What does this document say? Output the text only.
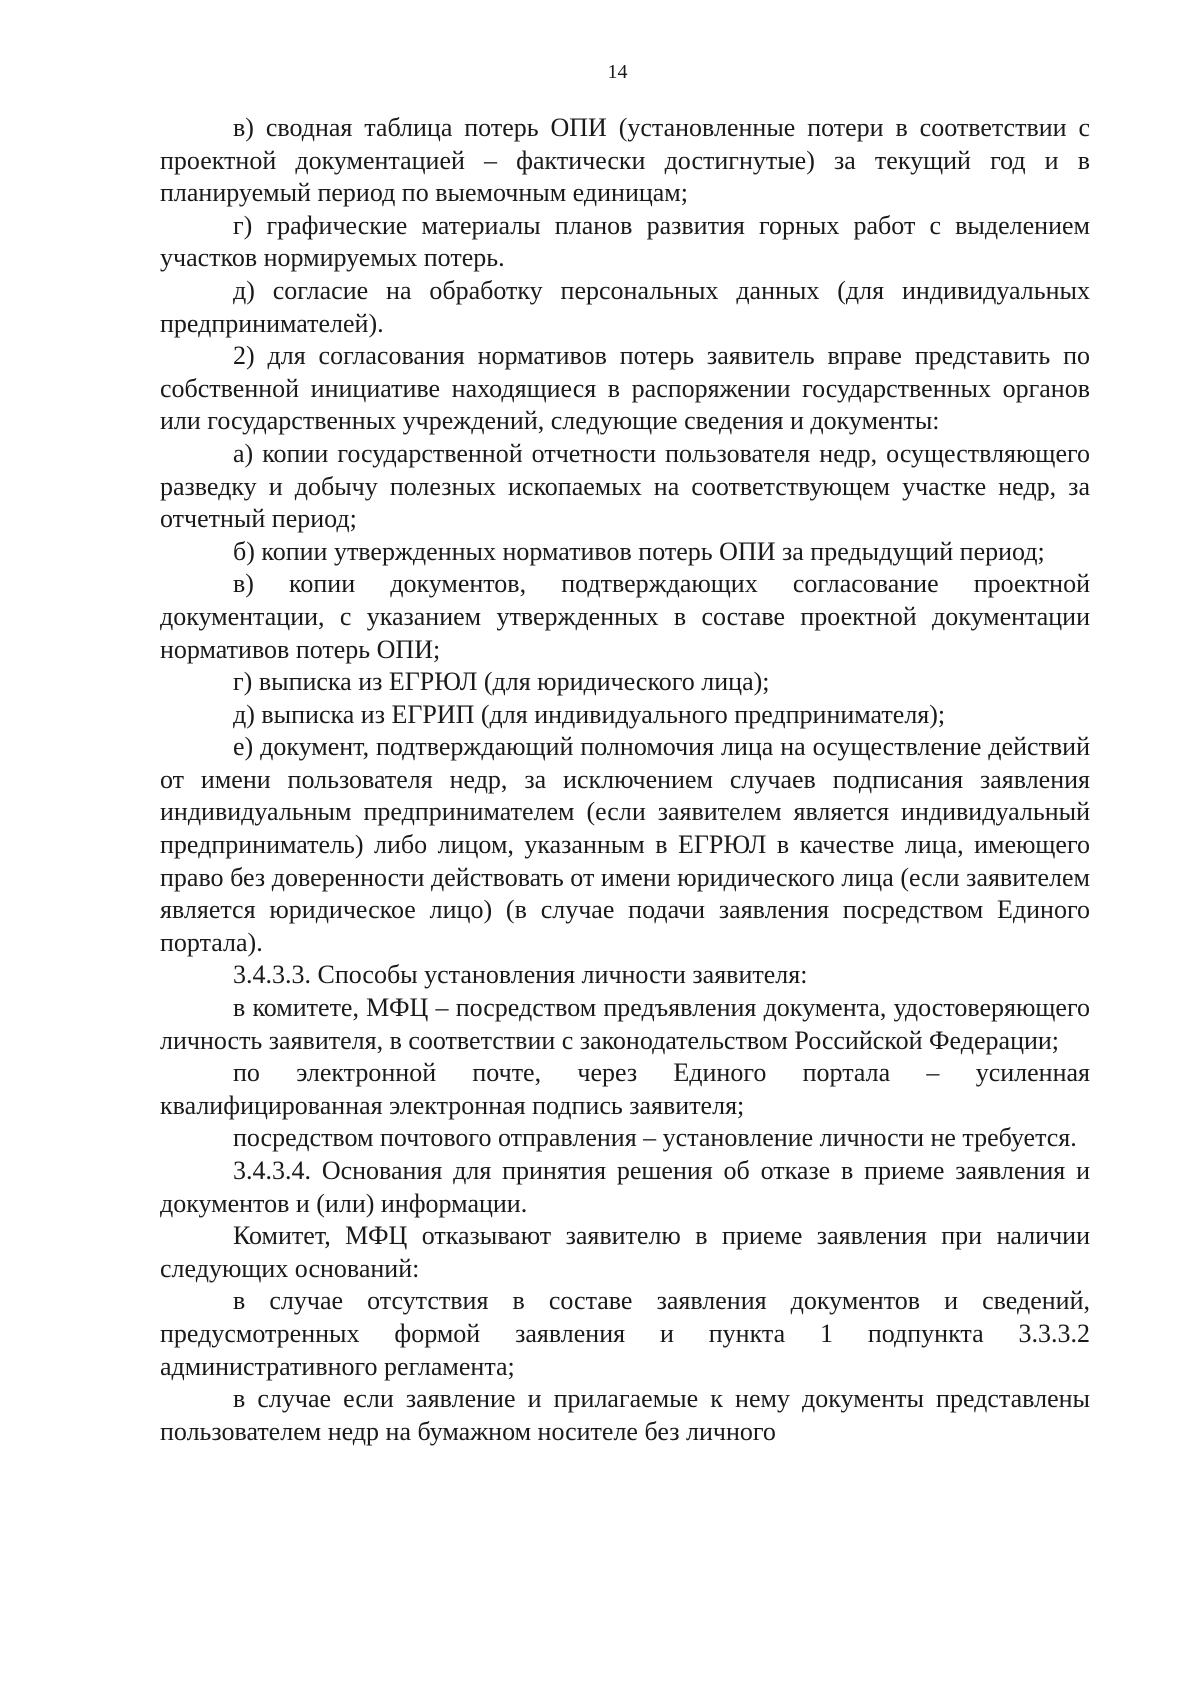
14

в) сводная таблица потерь ОПИ (установленные потери в соответствии с проектной документацией – фактически достигнутые) за текущий год и в планируемый период по выемочным единицам;

г) графические материалы планов развития горных работ с выделением участков нормируемых потерь.

д) согласие на обработку персональных данных (для индивидуальных предпринимателей).

2) для согласования нормативов потерь заявитель вправе представить по собственной инициативе находящиеся в распоряжении государственных органов или государственных учреждений, следующие сведения и документы:

а) копии государственной отчетности пользователя недр, осуществляющего разведку и добычу полезных ископаемых на соответствующем участке недр, за отчетный период;

б) копии утвержденных нормативов потерь ОПИ за предыдущий период;

в) копии документов, подтверждающих согласование проектной документации, с указанием утвержденных в составе проектной документации нормативов потерь ОПИ;

г) выписка из ЕГРЮЛ (для юридического лица);

д) выписка из ЕГРИП (для индивидуального предпринимателя);

е) документ, подтверждающий полномочия лица на осуществление действий от имени пользователя недр, за исключением случаев подписания заявления индивидуальным предпринимателем (если заявителем является индивидуальный предприниматель) либо лицом, указанным в ЕГРЮЛ в качестве лица, имеющего право без доверенности действовать от имени юридического лица (если заявителем является юридическое лицо) (в случае подачи заявления посредством Единого портала).

3.4.3.3. Способы установления личности заявителя:

в комитете, МФЦ – посредством предъявления документа, удостоверяющего личность заявителя, в соответствии с законодательством Российской Федерации;

по электронной почте, через Единого портала – усиленная квалифицированная электронная подпись заявителя;

посредством почтового отправления – установление личности не требуется.

3.4.3.4. Основания для принятия решения об отказе в приеме заявления и документов и (или) информации.

Комитет, МФЦ отказывают заявителю в приеме заявления при наличии следующих оснований:

в случае отсутствия в составе заявления документов и сведений, предусмотренных формой заявления и пункта 1 подпункта 3.3.3.2 административного регламента;

в случае если заявление и прилагаемые к нему документы представлены пользователем недр на бумажном носителе без личного
